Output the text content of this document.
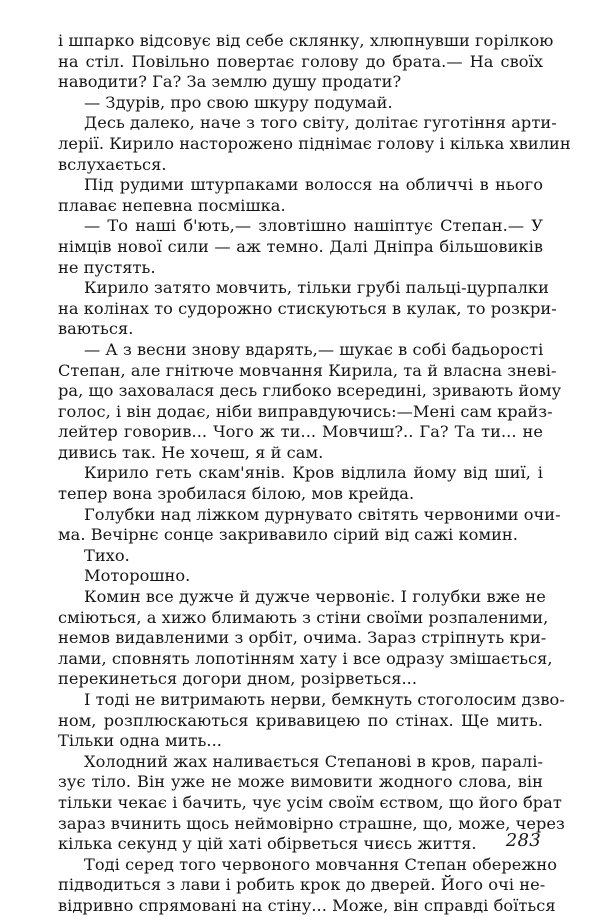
і шпарко відсовує від себе склянку, хлюпнувши горілкою
на стіл. Повільно повертає голову до брата.— На своїх
наводити? Га? За землю душу продати?

— Здурів, про свою шкуру подумай.

Десь далеко, наче з того світу, долітає гуготіння арти-
лерії. Кирило насторожено піднімає голову і кілька хвилин
вслухається.

Під рудими штурпаками волосся на обличчі в нього
плаває непевна посмішка.

— То наші б'ють,— зловтішно нашіптує Степан.— У
німців нової сили — аж темно. Далі Дніпра більшовиків
не пустять.

Кирило затято мовчить, тільки грубі пальці-цурпалки
на колінах то судорожно стискуються в кулак, то розкри-
ваються.

— А з весни знову вдарять,— шукає в собі бадьорості
Степан, але гнітюче мовчання Кирила, та й власна зневі-
ра, що заховалася десь глибоко всередині, зривають йому
голос, і він додає, ніби виправдуючись:—Мені сам крайз-
лейтер говорив... Чого ж ти... Мовчиш?.. Га? Та ти... не
дивись так. Не хочеш, я й сам.

Кирило геть скам'янів. Кров відлила йому від шиї, і
тепер вона зробилася білою, мов крейда.

Голубки над ліжком дурнувато світять червоними очи-
ма. Вечірнє сонце закривавило сірий від сажі комин.

Тихо.

Моторошно.

Комин все дужче й дужче червоніє. І голубки вже не
сміються, а хижо блимають з стіни своїми розпаленими,
немов видавленими з орбіт, очима. Зараз стріпнуть кри-
лами, сповнять лопотінням хату і все одразу змішається,
перекинеться догори дном, розірветься...

І тоді не витримають нерви, бемкнуть стоголосим дзво-
ном, розплюскаються кривавицею по стінах. Ще мить.
Тільки одна мить...

Холодний жах наливається Степанові в кров, паралі-
зує тіло. Він уже не може вимовити жодного слова, він
тільки чекає і бачить, чує усім своїм єством, що його брат
зараз вчинить щось неймовірно страшне, що, може, через
кілька секунд у цій хаті обірветься чиєсь життя.

Тоді серед того червоного мовчання Степан обережно
підводиться з лави і робить крок до дверей. Його очі не-
відривно спрямовані на стіну... Може, він справді боїться

283
